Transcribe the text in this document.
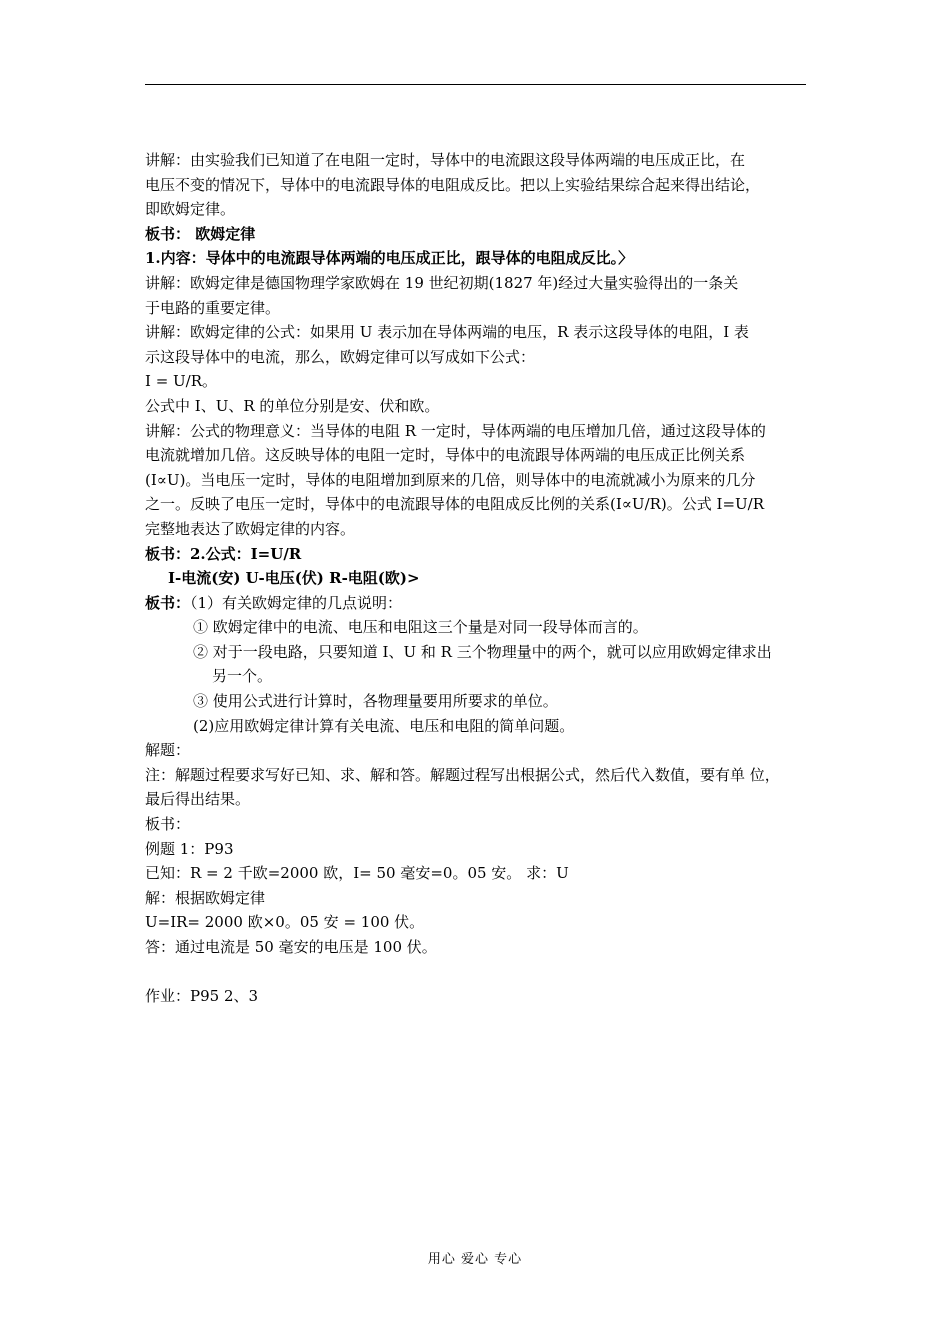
讲解：由实验我们已知道了在电阻一定时，导体中的电流跟这段导体两端的电压成正比，在

电压不变的情况下，导体中的电流跟导体的电阻成反比。把以上实验结果综合起来得出结论，

即欧姆定律。

板书： 欧姆定律

1.内容：导体中的电流跟导体两端的电压成正比，跟导体的电阻成反比。〉

讲解：欧姆定律是德国物理学家欧姆在 19 世纪初期(1827 年)经过大量实验得出的一条关

于电路的重要定律。

讲解：欧姆定律的公式：如果用 U 表示加在导体两端的电压，R 表示这段导体的电阻，I 表

示这段导体中的电流，那么，欧姆定律可以写成如下公式：

I = U/R。

公式中 I、U、R 的单位分别是安、伏和欧。

讲解：公式的物理意义：当导体的电阻 R 一定时，导体两端的电压增加几倍，通过这段导体的

电流就增加几倍。这反映导体的电阻一定时，导体中的电流跟导体两端的电压成正比例关系

(I∝U)。当电压一定时，导体的电阻增加到原来的几倍，则导体中的电流就减小为原来的几分

之一。反映了电压一定时，导体中的电流跟导体的电阻成反比例的关系(I∝U/R)。公式 I=U/R

完整地表达了欧姆定律的内容。

板书：2.公式：I=U/R

I-电流(安) U-电压(伏) R-电阻(欧)>

板书：（1）有关欧姆定律的几点说明：

① 欧姆定律中的电流、电压和电阻这三个量是对同一段导体而言的。

② 对于一段电路，只要知道 I、U 和 R 三个物理量中的两个，就可以应用欧姆定律求出

另一个。

③ 使用公式进行计算时，各物理量要用所要求的单位。

(2)应用欧姆定律计算有关电流、电压和电阻的简单问题。

解题：

注：解题过程要求写好已知、求、解和答。解题过程写出根据公式，然后代入数值，要有单 位，

最后得出结果。

板书：

例题 1：P93

已知：R = 2 千欧=2000 欧，I= 50 毫安=0。05 安。 求：U

解：根据欧姆定律

U=IR= 2000 欧×0。05 安 = 100 伏。

答：通过电流是 50 毫安的电压是 100 伏。

作业：P95 2、3

用心 爱心 专心
